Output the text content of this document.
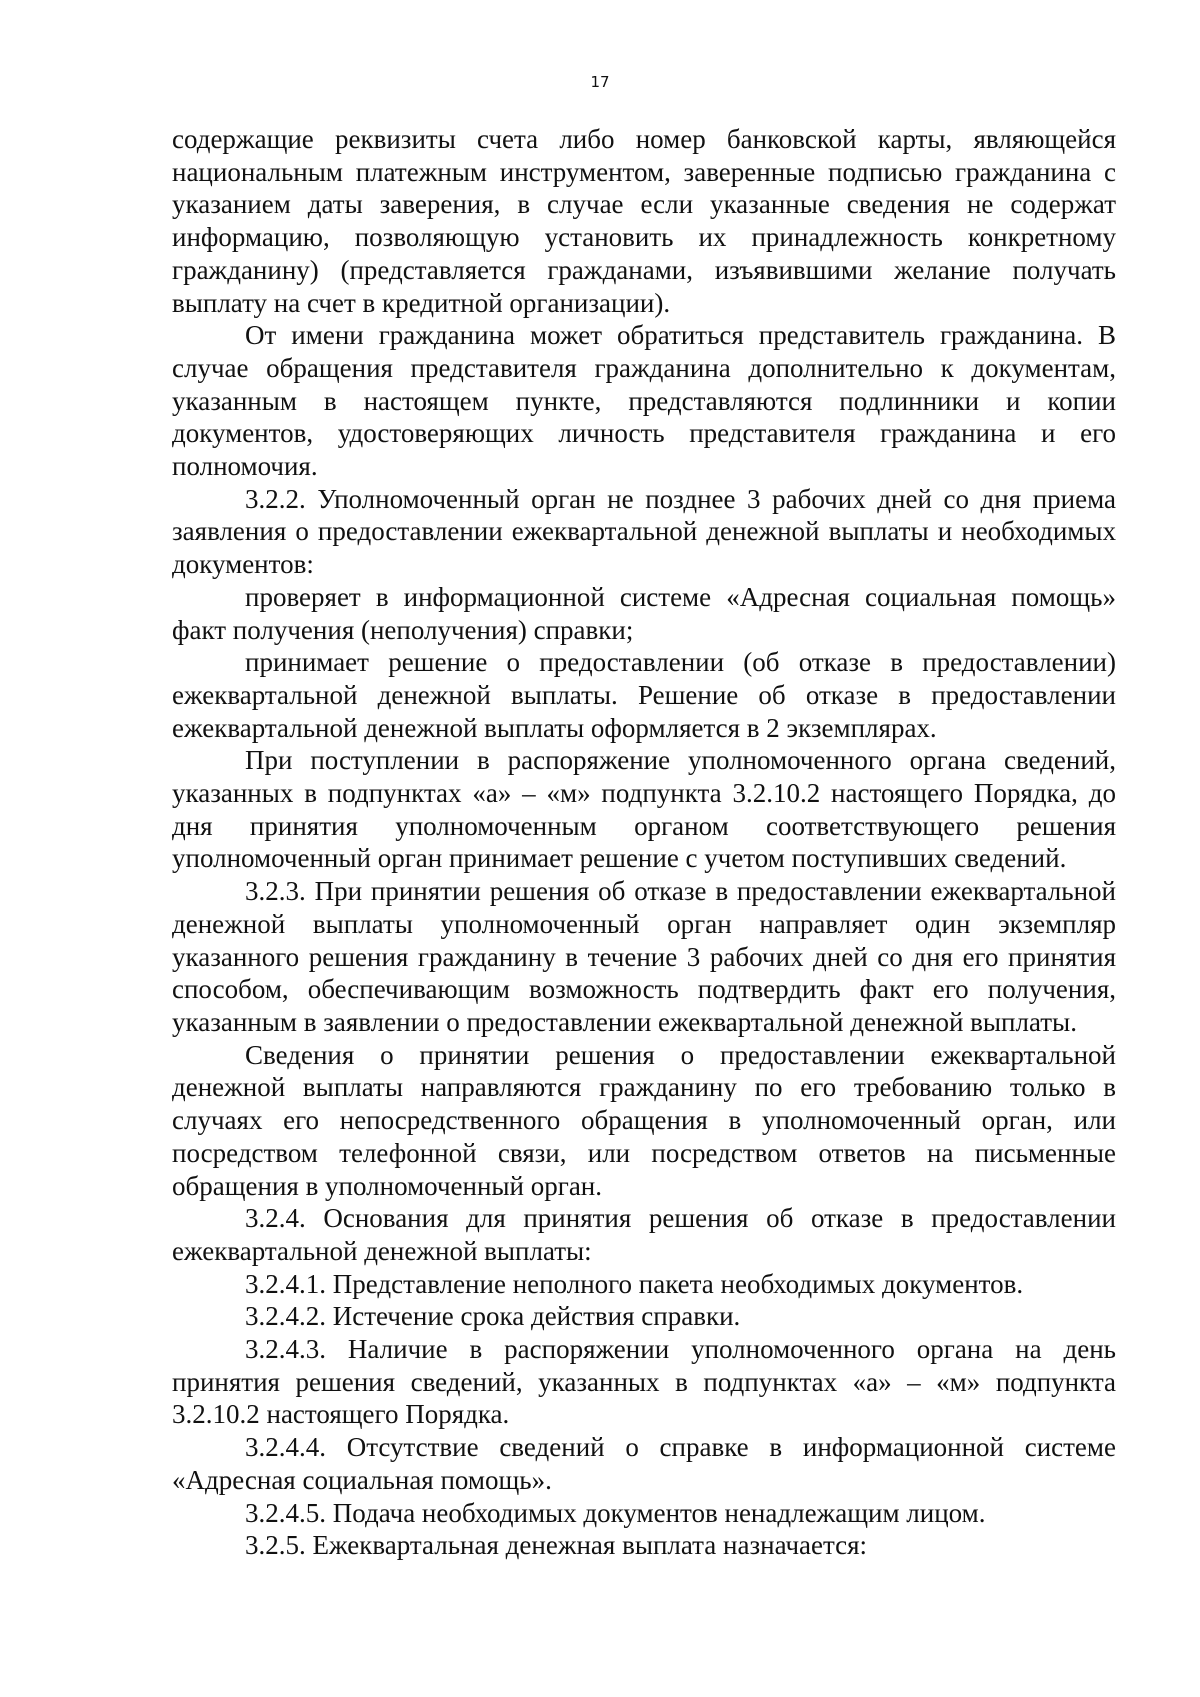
17

содержащие реквизиты счета либо номер банковской карты, являющейся национальным платежным инструментом, заверенные подписью гражданина с указанием даты заверения, в случае если указанные сведения не содержат информацию, позволяющую установить их принадлежность конкретному гражданину) (представляется гражданами, изъявившими желание получать выплату на счет в кредитной организации).

От имени гражданина может обратиться представитель гражданина. В случае обращения представителя гражданина дополнительно к документам, указанным в настоящем пункте, представляются подлинники и копии документов, удостоверяющих личность представителя гражданина и его полномочия.

3.2.2. Уполномоченный орган не позднее 3 рабочих дней со дня приема заявления о предоставлении ежеквартальной денежной выплаты и необходимых документов:

проверяет в информационной системе «Адресная социальная помощь» факт получения (неполучения) справки;

принимает решение о предоставлении (об отказе в предоставлении) ежеквартальной денежной выплаты. Решение об отказе в предоставлении ежеквартальной денежной выплаты оформляется в 2 экземплярах.

При поступлении в распоряжение уполномоченного органа сведений, указанных в подпунктах «а» – «м» подпункта 3.2.10.2 настоящего Порядка, до дня принятия уполномоченным органом соответствующего решения уполномоченный орган принимает решение с учетом поступивших сведений.

3.2.3. При принятии решения об отказе в предоставлении ежеквартальной денежной выплаты уполномоченный орган направляет один экземпляр указанного решения гражданину в течение 3 рабочих дней со дня его принятия способом, обеспечивающим возможность подтвердить факт его получения, указанным в заявлении о предоставлении ежеквартальной денежной выплаты.

Сведения о принятии решения о предоставлении ежеквартальной денежной выплаты направляются гражданину по его требованию только в случаях его непосредственного обращения в уполномоченный орган, или посредством телефонной связи, или посредством ответов на письменные обращения в уполномоченный орган.

3.2.4. Основания для принятия решения об отказе в предоставлении ежеквартальной денежной выплаты:

3.2.4.1. Представление неполного пакета необходимых документов.

3.2.4.2. Истечение срока действия справки.

3.2.4.3. Наличие в распоряжении уполномоченного органа на день принятия решения сведений, указанных в подпунктах «а» – «м» подпункта 3.2.10.2 настоящего Порядка.

3.2.4.4. Отсутствие сведений о справке в информационной системе «Адресная социальная помощь».

3.2.4.5. Подача необходимых документов ненадлежащим лицом.

3.2.5. Ежеквартальная денежная выплата назначается:
